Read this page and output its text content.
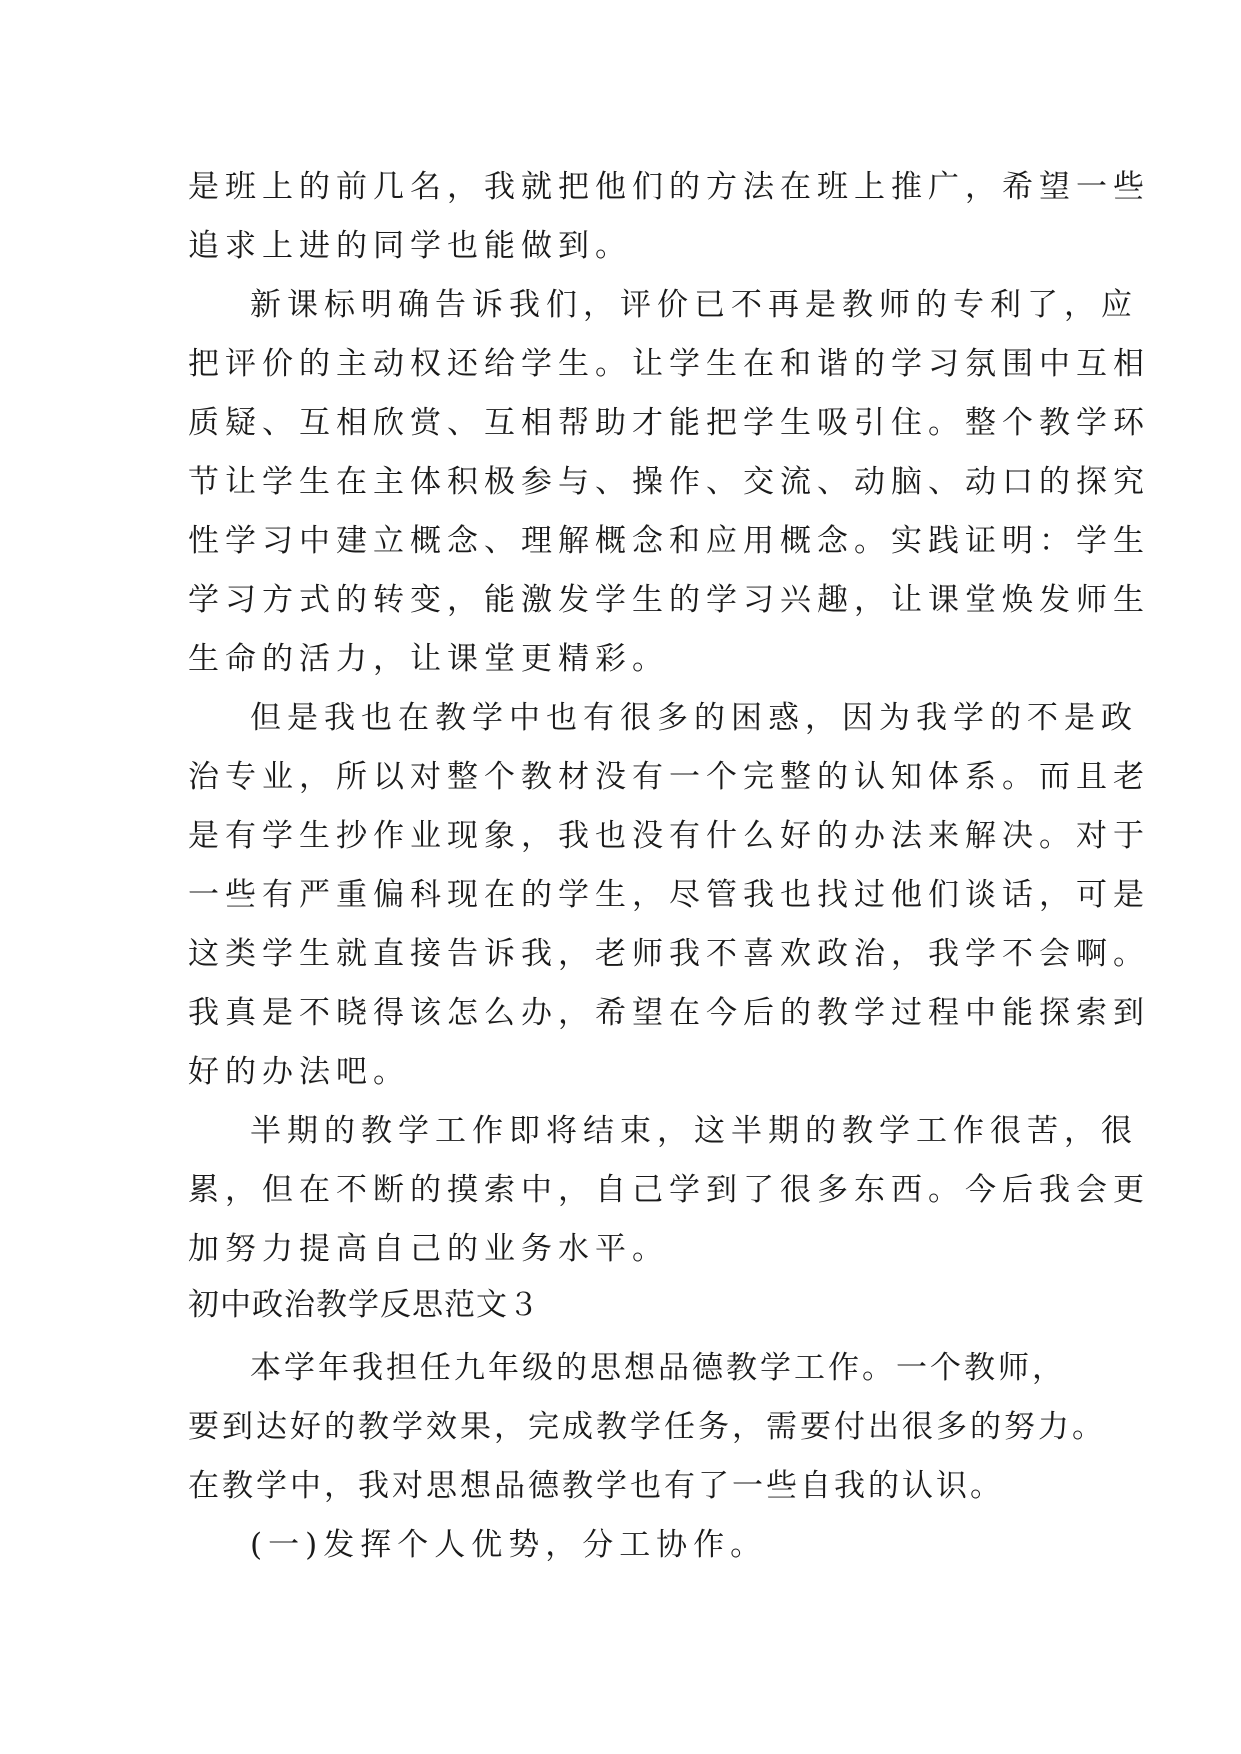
是班上的前几名，我就把他们的方法在班上推广，希望一些
追求上进的同学也能做到。
新课标明确告诉我们，评价已不再是教师的专利了，应
把评价的主动权还给学生。让学生在和谐的学习氛围中互相
质疑、互相欣赏、互相帮助才能把学生吸引住。整个教学环
节让学生在主体积极参与、操作、交流、动脑、动口的探究
性学习中建立概念、理解概念和应用概念。实践证明：学生
学习方式的转变，能激发学生的学习兴趣，让课堂焕发师生
生命的活力，让课堂更精彩。
但是我也在教学中也有很多的困惑，因为我学的不是政
治专业，所以对整个教材没有一个完整的认知体系。而且老
是有学生抄作业现象，我也没有什么好的办法来解决。对于
一些有严重偏科现在的学生，尽管我也找过他们谈话，可是
这类学生就直接告诉我，老师我不喜欢政治，我学不会啊。
我真是不晓得该怎么办，希望在今后的教学过程中能探索到
好的办法吧。
半期的教学工作即将结束，这半期的教学工作很苦，很
累，但在不断的摸索中，自己学到了很多东西。今后我会更
加努力提高自己的业务水平。
初中政治教学反思范文３
本学年我担任九年级的思想品德教学工作。一个教师，
要到达好的教学效果，完成教学任务，需要付出很多的努力。
在教学中，我对思想品德教学也有了一些自我的认识。
(一)发挥个人优势，分工协作。
